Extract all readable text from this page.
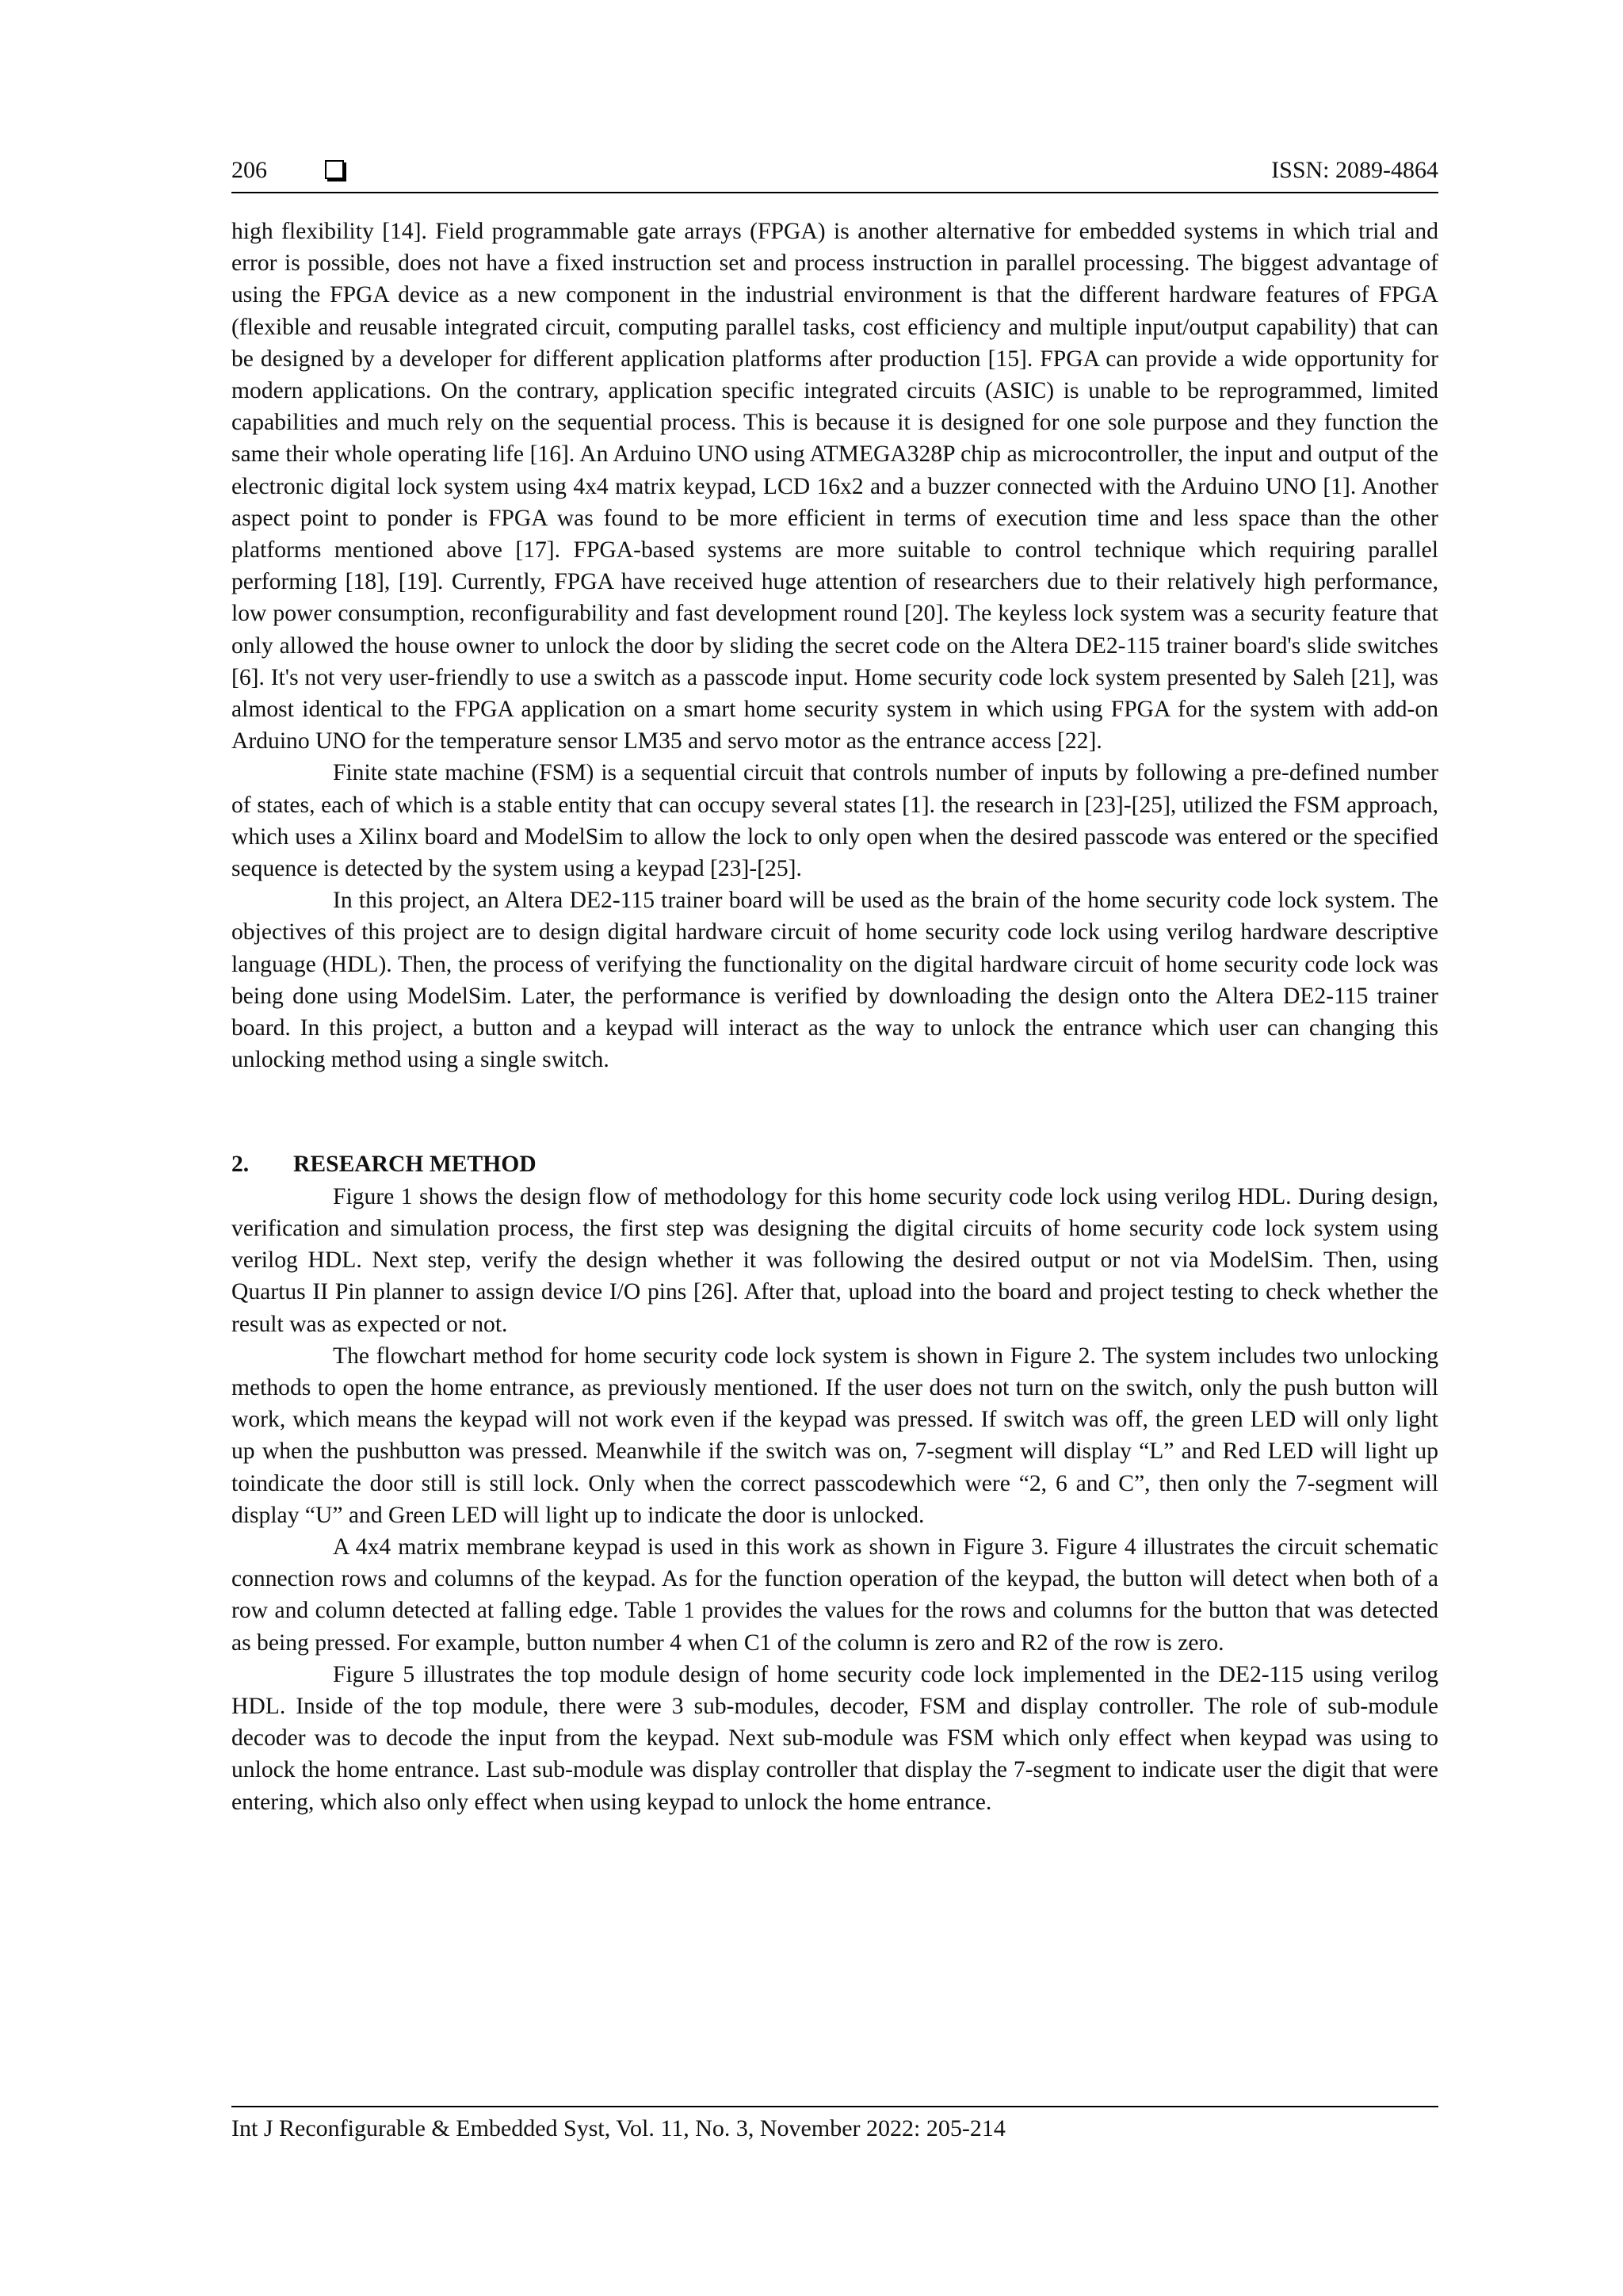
206	ISSN: 2089-4864

high flexibility [14]. Field programmable gate arrays (FPGA) is another alternative for embedded systems in which trial and error is possible, does not have a fixed instruction set and process instruction in parallel processing. The biggest advantage of using the FPGA device as a new component in the industrial environment is that the different hardware features of FPGA (flexible and reusable integrated circuit, computing parallel tasks, cost efficiency and multiple input/output capability) that can be designed by a developer for different application platforms after production [15]. FPGA can provide a wide opportunity for modern applications. On the contrary, application specific integrated circuits (ASIC) is unable to be reprogrammed, limited capabilities and much rely on the sequential process. This is because it is designed for one sole purpose and they function the same their whole operating life [16]. An Arduino UNO using ATMEGA328P chip as microcontroller, the input and output of the electronic digital lock system using 4x4 matrix keypad, LCD 16x2 and a buzzer connected with the Arduino UNO [1]. Another aspect point to ponder is FPGA was found to be more efficient in terms of execution time and less space than the other platforms mentioned above [17]. FPGA-based systems are more suitable to control technique which requiring parallel performing [18], [19]. Currently, FPGA have received huge attention of researchers due to their relatively high performance, low power consumption, reconfigurability and fast development round [20]. The keyless lock system was a security feature that only allowed the house owner to unlock the door by sliding the secret code on the Altera DE2-115 trainer board's slide switches [6]. It's not very user-friendly to use a switch as a passcode input. Home security code lock system presented by Saleh [21], was almost identical to the FPGA application on a smart home security system in which using FPGA for the system with add-on Arduino UNO for the temperature sensor LM35 and servo motor as the entrance access [22].

Finite state machine (FSM) is a sequential circuit that controls number of inputs by following a pre-defined number of states, each of which is a stable entity that can occupy several states [1]. the research in [23]-[25], utilized the FSM approach, which uses a Xilinx board and ModelSim to allow the lock to only open when the desired passcode was entered or the specified sequence is detected by the system using a keypad [23]-[25].

In this project, an Altera DE2-115 trainer board will be used as the brain of the home security code lock system. The objectives of this project are to design digital hardware circuit of home security code lock using verilog hardware descriptive language (HDL). Then, the process of verifying the functionality on the digital hardware circuit of home security code lock was being done using ModelSim. Later, the performance is verified by downloading the design onto the Altera DE2-115 trainer board. In this project, a button and a keypad will interact as the way to unlock the entrance which user can changing this unlocking method using a single switch.

2. RESEARCH METHOD

Figure 1 shows the design flow of methodology for this home security code lock using verilog HDL. During design, verification and simulation process, the first step was designing the digital circuits of home security code lock system using verilog HDL. Next step, verify the design whether it was following the desired output or not via ModelSim. Then, using Quartus II Pin planner to assign device I/O pins [26]. After that, upload into the board and project testing to check whether the result was as expected or not.

The flowchart method for home security code lock system is shown in Figure 2. The system includes two unlocking methods to open the home entrance, as previously mentioned. If the user does not turn on the switch, only the push button will work, which means the keypad will not work even if the keypad was pressed. If switch was off, the green LED will only light up when the pushbutton was pressed. Meanwhile if the switch was on, 7-segment will display “L” and Red LED will light up toindicate the door still is still lock. Only when the correct passcodewhich were “2, 6 and C”, then only the 7-segment will display “U” and Green LED will light up to indicate the door is unlocked.

A 4x4 matrix membrane keypad is used in this work as shown in Figure 3. Figure 4 illustrates the circuit schematic connection rows and columns of the keypad. As for the function operation of the keypad, the button will detect when both of a row and column detected at falling edge. Table 1 provides the values for the rows and columns for the button that was detected as being pressed. For example, button number 4 when C1 of the column is zero and R2 of the row is zero.

Figure 5 illustrates the top module design of home security code lock implemented in the DE2-115 using verilog HDL. Inside of the top module, there were 3 sub-modules, decoder, FSM and display controller. The role of sub-module decoder was to decode the input from the keypad. Next sub-module was FSM which only effect when keypad was using to unlock the home entrance. Last sub-module was display controller that display the 7-segment to indicate user the digit that were entering, which also only effect when using keypad to unlock the home entrance.

Int J Reconfigurable & Embedded Syst, Vol. 11, No. 3, November 2022: 205-214
